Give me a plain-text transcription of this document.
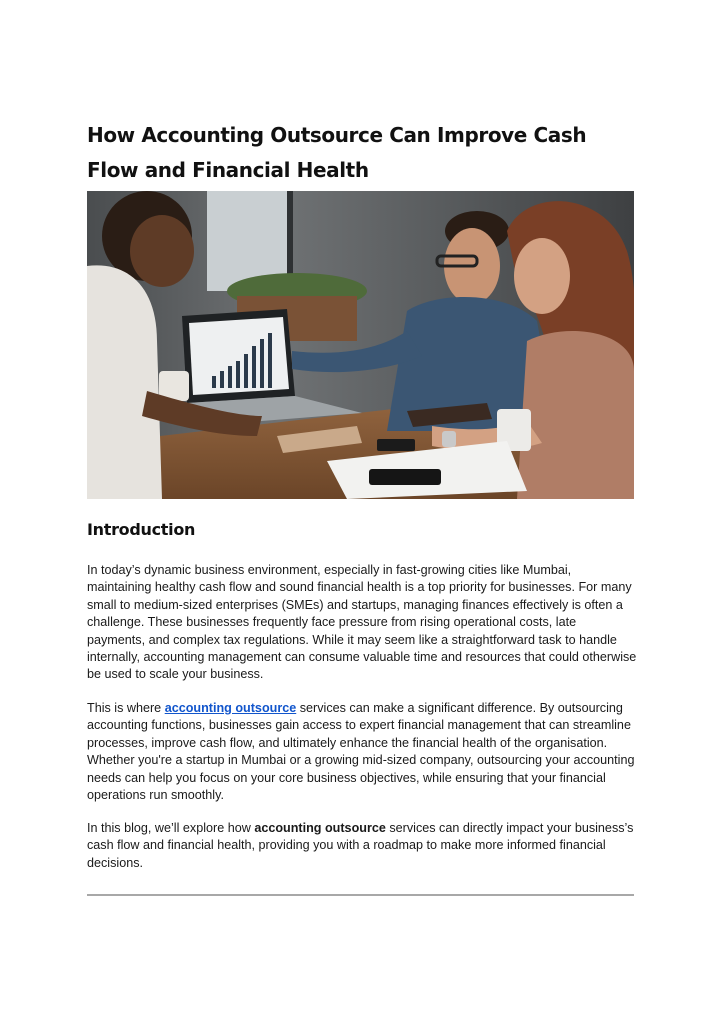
How Accounting Outsource Can Improve Cash
Flow and Financial Health
Introduction

In today’s dynamic business environment, especially in fast-growing cities like Mumbai, maintaining healthy cash flow and sound financial health is a top priority for businesses. For many small to medium-sized enterprises (SMEs) and startups, managing finances effectively is often a challenge. These businesses frequently face pressure from rising operational costs, late payments, and complex tax regulations. While it may seem like a straightforward task to handle internally, accounting management can consume valuable time and resources that could otherwise be used to scale your business.

This is where accounting outsource services can make a significant difference. By outsourcing accounting functions, businesses gain access to expert financial management that can streamline processes, improve cash flow, and ultimately enhance the financial health of the organisation. Whether you're a startup in Mumbai or a growing mid-sized company, outsourcing your accounting needs can help you focus on your core business objectives, while ensuring that your financial operations run smoothly.

In this blog, we’ll explore how accounting outsource services can directly impact your business’s cash flow and financial health, providing you with a roadmap to make more informed financial decisions.
